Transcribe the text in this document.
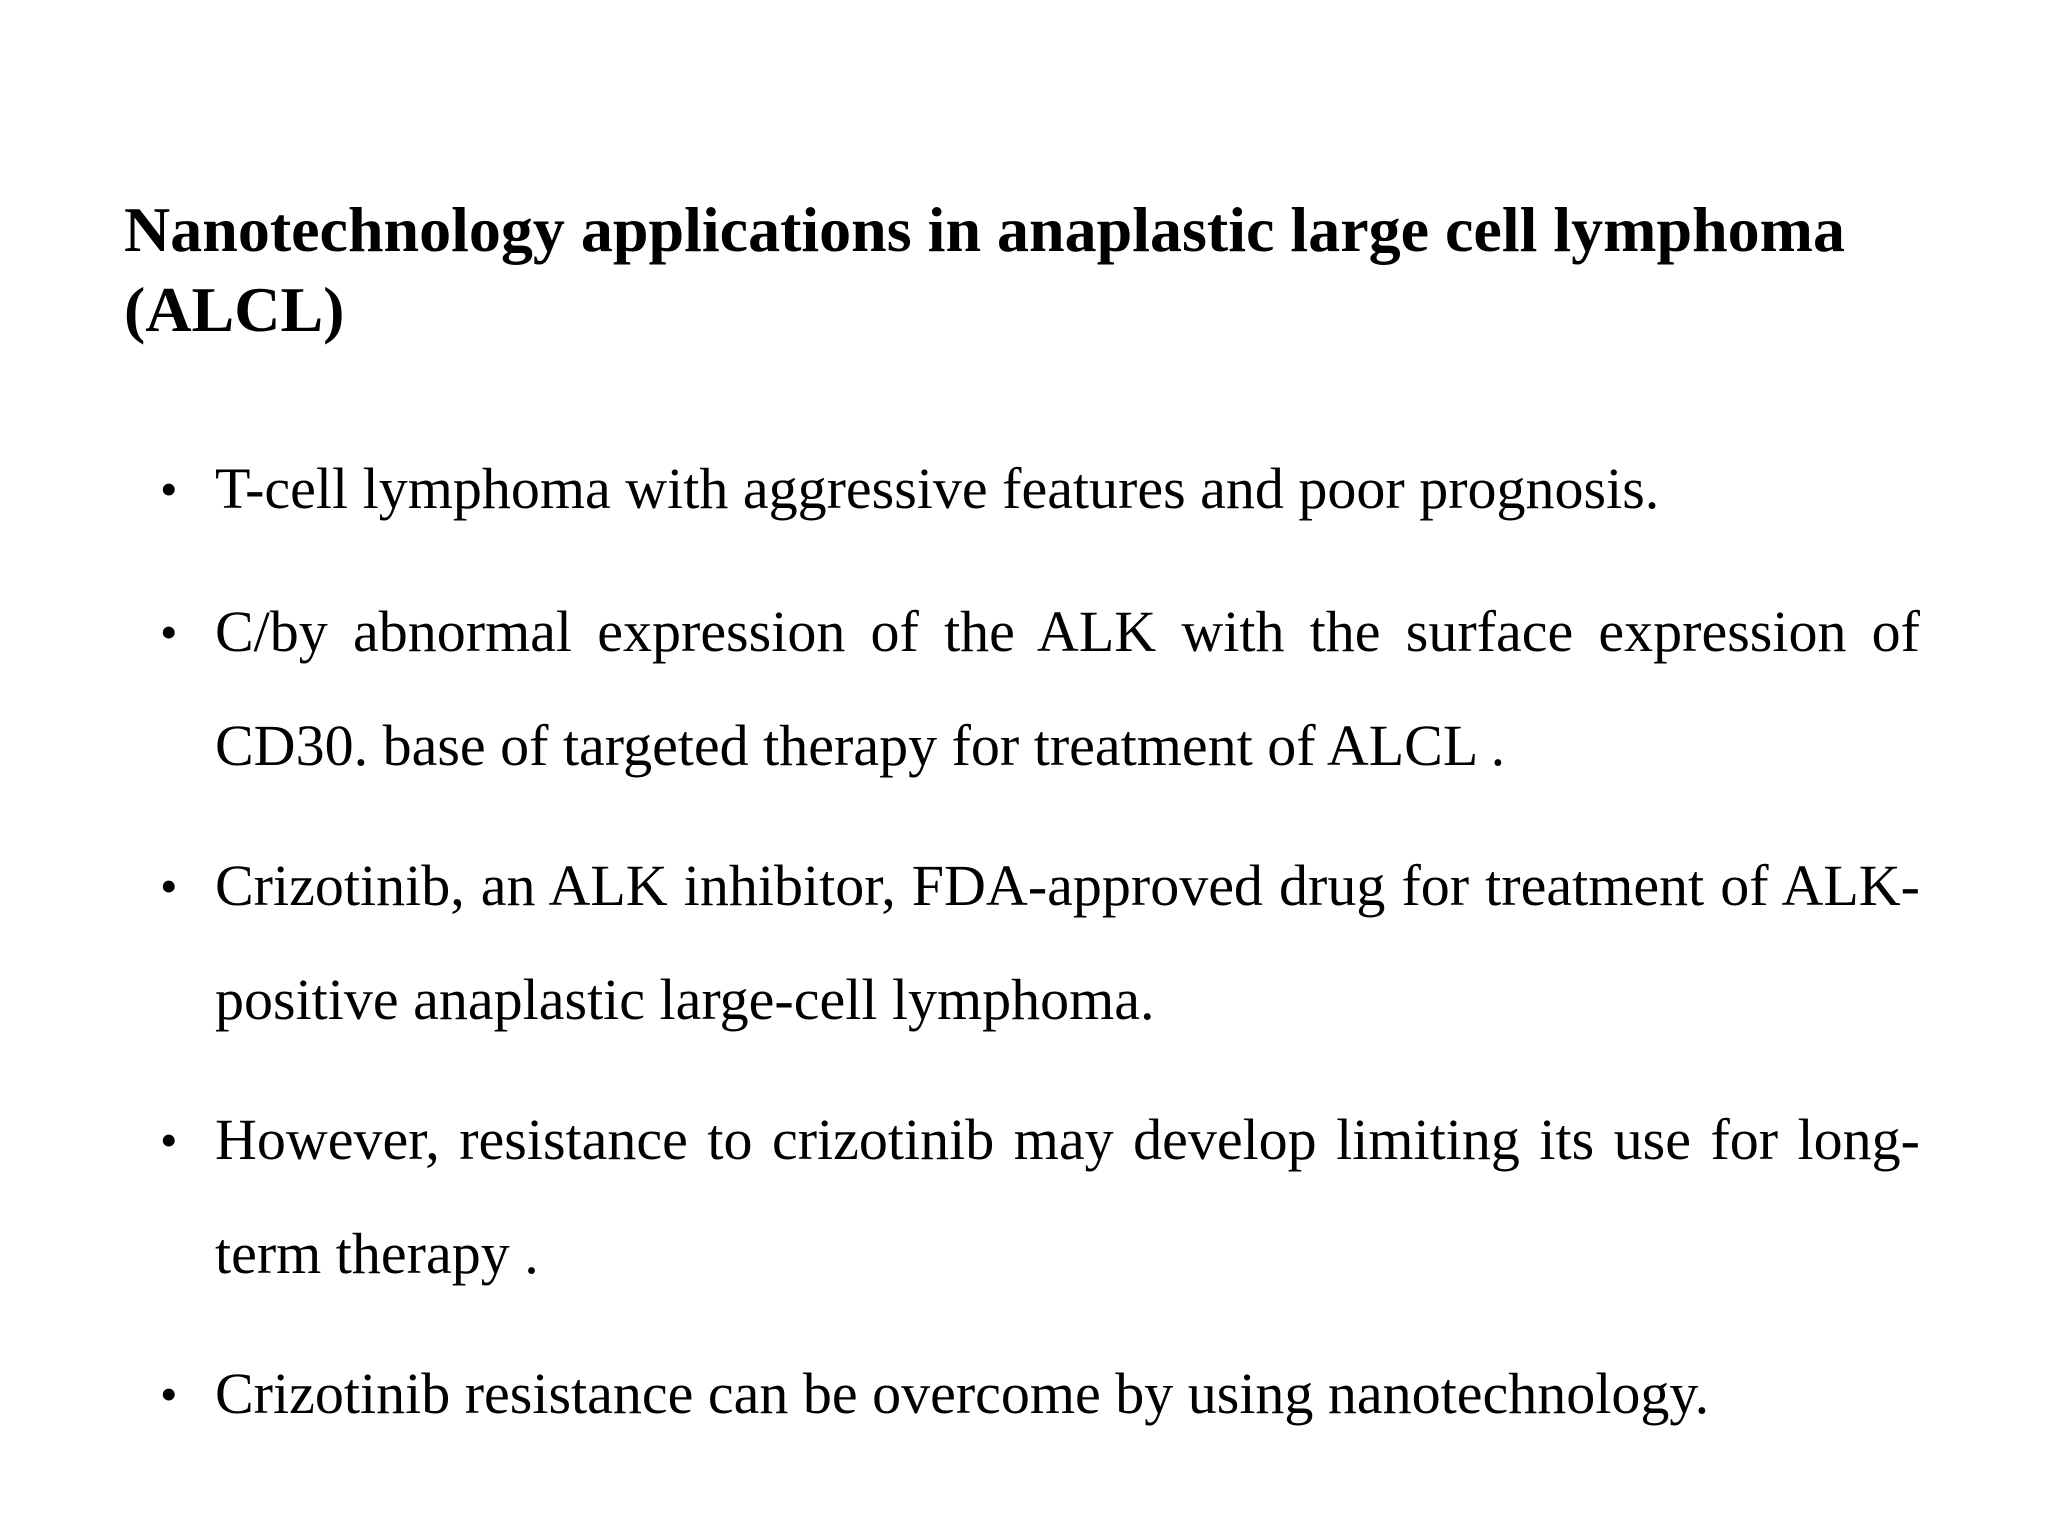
Nanotechnology applications in anaplastic large cell lymphoma (ALCL)
• T-cell lymphoma with aggressive features and poor prognosis.
• C/by abnormal expression of the ALK with the surface expression of CD30. base of targeted therapy for treatment of ALCL .
• Crizotinib, an ALK inhibitor, FDA-approved drug for treatment of ALK-positive anaplastic large-cell lymphoma.
• However, resistance to crizotinib may develop limiting its use for long-term therapy .
• Crizotinib resistance can be overcome by using nanotechnology.
